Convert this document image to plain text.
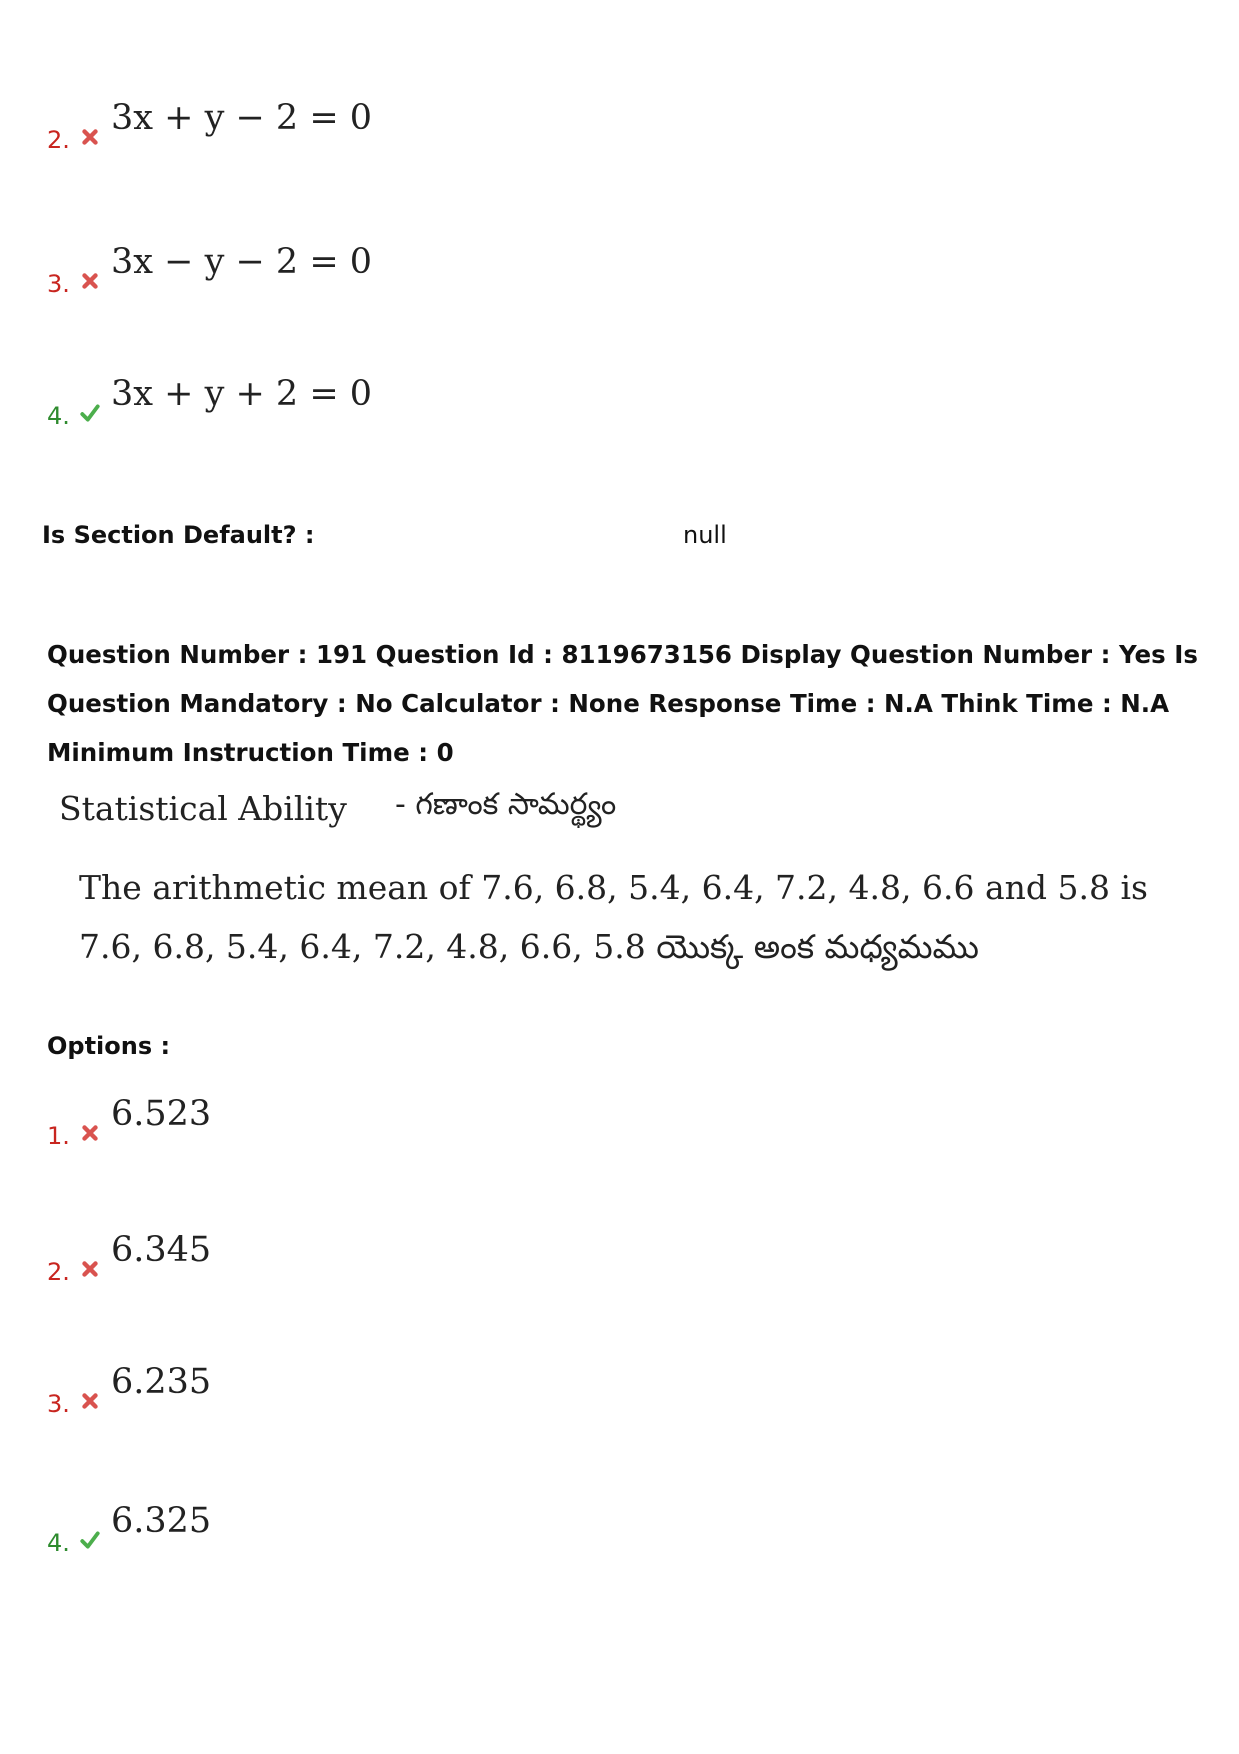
2.
3x + y − 2 = 0
3.
3x − y − 2 = 0
4.
3x + y + 2 = 0
Is Section Default? :	null
Question Number : 191 Question Id : 8119673156 Display Question Number : Yes Is Question Mandatory : No Calculator : None Response Time : N.A Think Time : N.A Minimum Instruction Time : 0
Statistical Ability	- గణాంక సామర్థ్యం
The arithmetic mean of 7.6, 6.8, 5.4, 6.4, 7.2, 4.8, 6.6 and 5.8 is
7.6, 6.8, 5.4, 6.4, 7.2, 4.8, 6.6, 5.8 యొక్క అంక మధ్యమము
Options :
1.
6.523
2.
6.345
3.
6.235
4.
6.325
